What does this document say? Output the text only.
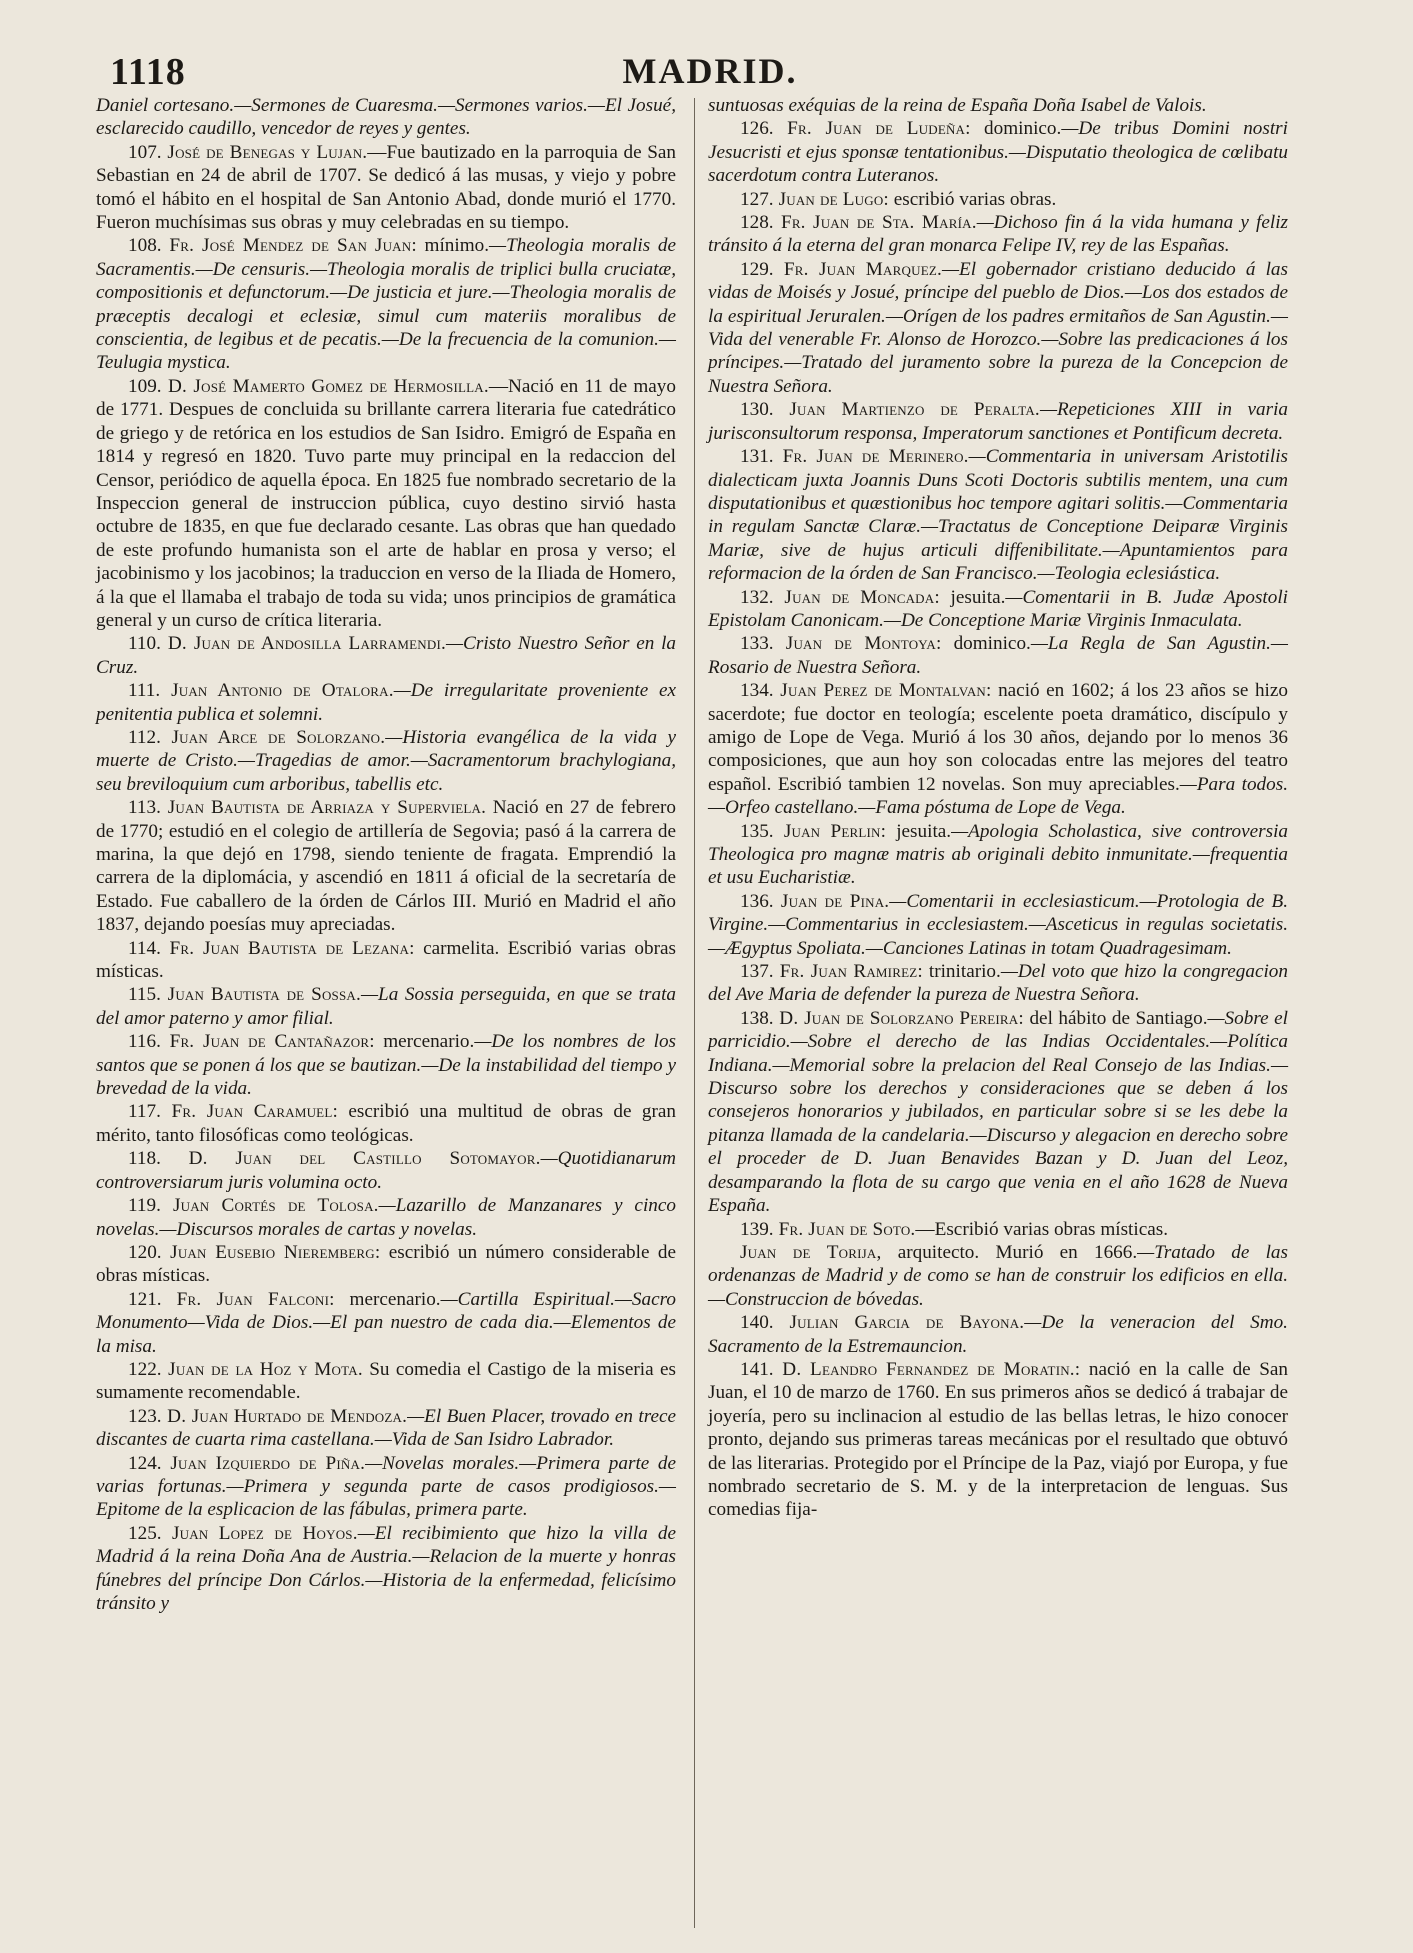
1118	MADRID.

Daniel cortesano.—Sermones de Cuaresma.—Sermones varios.—El Josué, esclarecido caudillo, vencedor de reyes y gentes.

107. José de Benegas y Lujan.—Fue bautizado en la parroquia de San Sebastian en 24 de abril de 1707. Se dedicó á las musas, y viejo y pobre tomó el hábito en el hospital de San Antonio Abad, donde murió el 1770. Fueron muchísimas sus obras y muy celebradas en su tiempo.

108. Fr. José Mendez de San Juan: mínimo.—Theologia moralis de Sacramentis.—De censuris.—Theologia moralis de triplici bulla cruciatæ, compositionis et defunctorum.—De justicia et jure.—Theologia moralis de præceptis decalogi et eclesiæ, simul cum materiis moralibus de conscientia, de legibus et de pecatis.—De la frecuencia de la comunion.—Teulugia mystica.

109. D. José Mamerto Gomez de Hermosilla.—Nació en 11 de mayo de 1771. Despues de concluida su brillante carrera literaria fue catedrático de griego y de retórica en los estudios de San Isidro. Emigró de España en 1814 y regresó en 1820. Tuvo parte muy principal en la redaccion del Censor, periódico de aquella época. En 1825 fue nombrado secretario de la Inspeccion general de instruccion pública, cuyo destino sirvió hasta octubre de 1835, en que fue declarado cesante. Las obras que han quedado de este profundo humanista son el arte de hablar en prosa y verso; el jacobinismo y los jacobinos; la traduccion en verso de la Iliada de Homero, á la que el llamaba el trabajo de toda su vida; unos principios de gramática general y un curso de crítica literaria.

110. D. Juan de Andosilla Larramendi.—Cristo Nuestro Señor en la Cruz.

111. Juan Antonio de Otalora.—De irregularitate proveniente ex penitentia publica et solemni.

112. Juan Arce de Solorzano.—Historia evangélica de la vida y muerte de Cristo.—Tragedias de amor.—Sacramentorum brachylogiana, seu breviloquium cum arboribus, tabellis etc.

113. Juan Bautista de Arriaza y Superviela. Nació en 27 de febrero de 1770; estudió en el colegio de artillería de Segovia; pasó á la carrera de marina, la que dejó en 1798, siendo teniente de fragata. Emprendió la carrera de la diplomácia, y ascendió en 1811 á oficial de la secretaría de Estado. Fue caballero de la órden de Cárlos III. Murió en Madrid el año 1837, dejando poesías muy apreciadas.

114. Fr. Juan Bautista de Lezana: carmelita. Escribió varias obras místicas.

115. Juan Bautista de Sossa.—La Sossia perseguida, en que se trata del amor paterno y amor filial.

116. Fr. Juan de Cantañazor: mercenario.—De los nombres de los santos que se ponen á los que se bautizan.—De la instabilidad del tiempo y brevedad de la vida.

117. Fr. Juan Caramuel: escribió una multitud de obras de gran mérito, tanto filosóficas como teológicas.

118. D. Juan del Castillo Sotomayor.—Quotidianarum controversiarum juris volumina octo.

119. Juan Cortés de Tolosa.—Lazarillo de Manzanares y cinco novelas.—Discursos morales de cartas y novelas.

120. Juan Eusebio Nieremberg: escribió un número considerable de obras místicas.

121. Fr. Juan Falconi: mercenario.—Cartilla Espiritual.—Sacro Monumento—Vida de Dios.—El pan nuestro de cada dia.—Elementos de la misa.

122. Juan de la Hoz y Mota. Su comedia el Castigo de la miseria es sumamente recomendable.

123. D. Juan Hurtado de Mendoza.—El Buen Placer, trovado en trece discantes de cuarta rima castellana.—Vida de San Isidro Labrador.

124. Juan Izquierdo de Piña.—Novelas morales.—Primera parte de varias fortunas.—Primera y segunda parte de casos prodigiosos.—Epitome de la esplicacion de las fábulas, primera parte.

125. Juan Lopez de Hoyos.—El recibimiento que hizo la villa de Madrid á la reina Doña Ana de Austria.—Relacion de la muerte y honras fúnebres del príncipe Don Cárlos.—Historia de la enfermedad, felicísimo tránsito y

suntuosas exéquias de la reina de España Doña Isabel de Valois.

126. Fr. Juan de Ludeña: dominico.—De tribus Domini nostri Jesucristi et ejus sponsæ tentationibus.—Disputatio theologica de cœlibatu sacerdotum contra Luteranos.

127. Juan de Lugo: escribió varias obras.

128. Fr. Juan de Sta. María.—Dichoso fin á la vida humana y feliz tránsito á la eterna del gran monarca Felipe IV, rey de las Españas.

129. Fr. Juan Marquez.—El gobernador cristiano deducido á las vidas de Moisés y Josué, príncipe del pueblo de Dios.—Los dos estados de la espiritual Jeruralen.—Orígen de los padres ermitaños de San Agustin.—Vida del venerable Fr. Alonso de Horozco.—Sobre las predicaciones á los príncipes.—Tratado del juramento sobre la pureza de la Concepcion de Nuestra Señora.

130. Juan Martienzo de Peralta.—Repeticiones XIII in varia jurisconsultorum responsa, Imperatorum sanctiones et Pontificum decreta.

131. Fr. Juan de Merinero.—Commentaria in universam Aristotilis dialecticam juxta Joannis Duns Scoti Doctoris subtilis mentem, una cum disputationibus et quæstionibus hoc tempore agitari solitis.—Commentaria in regulam Sanctæ Claræ.—Tractatus de Conceptione Deiparæ Virginis Mariæ, sive de hujus articuli diffenibilitate.—Apuntamientos para reformacion de la órden de San Francisco.—Teologia eclesiástica.

132. Juan de Moncada: jesuita.—Comentarii in B. Judæ Apostoli Epistolam Canonicam.—De Conceptione Mariæ Virginis Inmaculata.

133. Juan de Montoya: dominico.—La Regla de San Agustin.—Rosario de Nuestra Señora.

134. Juan Perez de Montalvan: nació en 1602; á los 23 años se hizo sacerdote; fue doctor en teología; escelente poeta dramático, discípulo y amigo de Lope de Vega. Murió á los 30 años, dejando por lo menos 36 composiciones, que aun hoy son colocadas entre las mejores del teatro español. Escribió tambien 12 novelas. Son muy apreciables.—Para todos.—Orfeo castellano.—Fama póstuma de Lope de Vega.

135. Juan Perlin: jesuita.—Apologia Scholastica, sive controversia Theologica pro magnæ matris ab originali debito inmunitate.—frequentia et usu Eucharistiæ.

136. Juan de Pina.—Comentarii in ecclesiasticum.—Protologia de B. Virgine.—Commentarius in ecclesiastem.—Asceticus in regulas societatis.—Ægyptus Spoliata.—Canciones Latinas in totam Quadragesimam.

137. Fr. Juan Ramirez: trinitario.—Del voto que hizo la congregacion del Ave Maria de defender la pureza de Nuestra Señora.

138. D. Juan de Solorzano Pereira: del hábito de Santiago.—Sobre el parricidio.—Sobre el derecho de las Indias Occidentales.—Política Indiana.—Memorial sobre la prelacion del Real Consejo de las Indias.—Discurso sobre los derechos y consideraciones que se deben á los consejeros honorarios y jubilados, en particular sobre si se les debe la pitanza llamada de la candelaria.—Discurso y alegacion en derecho sobre el proceder de D. Juan Benavides Bazan y D. Juan del Leoz, desamparando la flota de su cargo que venia en el año 1628 de Nueva España.

139. Fr. Juan de Soto.—Escribió varias obras místicas.

Juan de Torija, arquitecto. Murió en 1666.—Tratado de las ordenanzas de Madrid y de como se han de construir los edificios en ella.—Construccion de bóvedas.

140. Julian Garcia de Bayona.—De la veneracion del Smo. Sacramento de la Estremauncion.

141. D. Leandro Fernandez de Moratin.: nació en la calle de San Juan, el 10 de marzo de 1760. En sus primeros años se dedicó á trabajar de joyería, pero su inclinacion al estudio de las bellas letras, le hizo conocer pronto, dejando sus primeras tareas mecánicas por el resultado que obtuvó de las literarias. Protegido por el Príncipe de la Paz, viajó por Europa, y fue nombrado secretario de S. M. y de la interpretacion de lenguas. Sus comedias fija-
